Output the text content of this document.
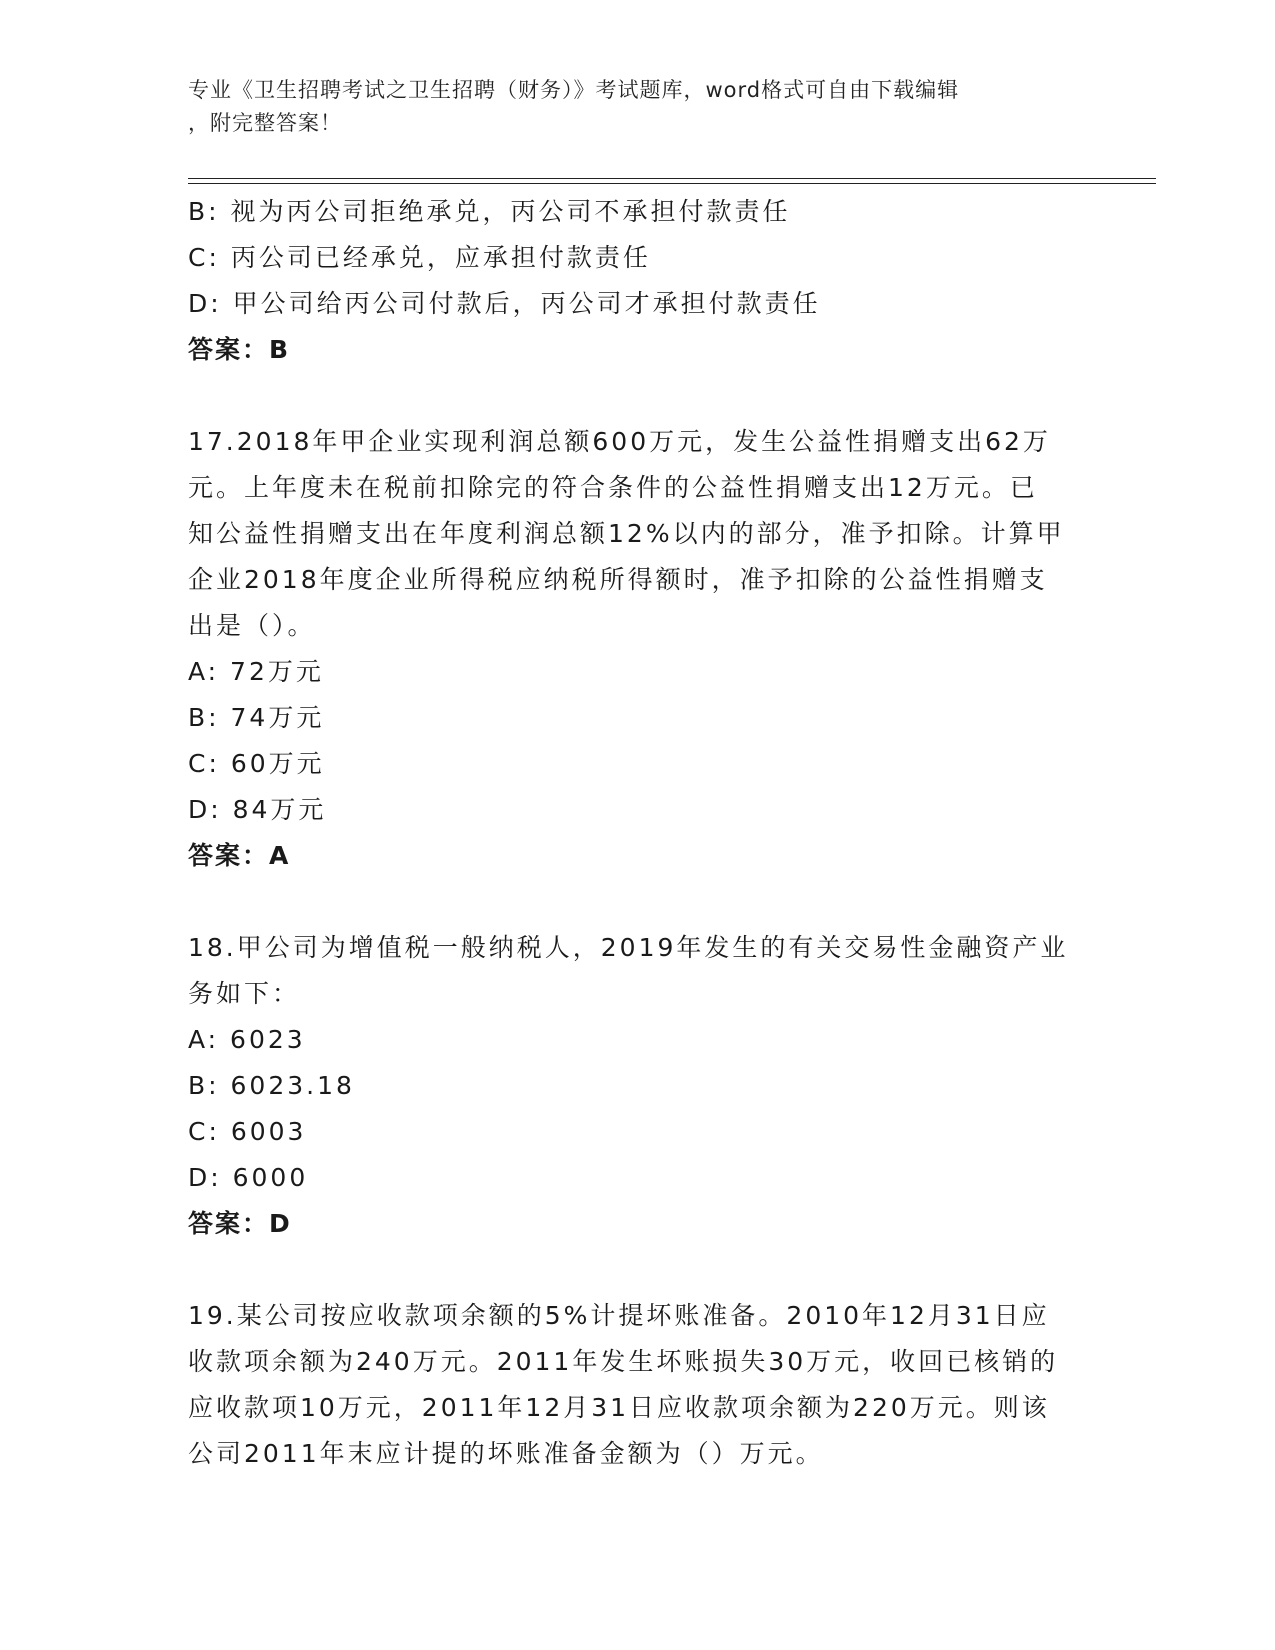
专业《卫生招聘考试之卫生招聘（财务）》考试题库，word格式可自由下载编辑
，附完整答案！
B: 视为丙公司拒绝承兑，丙公司不承担付款责任
C: 丙公司已经承兑，应承担付款责任
D: 甲公司给丙公司付款后，丙公司才承担付款责任
答案：B
17.2018年甲企业实现利润总额600万元，发生公益性捐赠支出62万
元。上年度未在税前扣除完的符合条件的公益性捐赠支出12万元。已
知公益性捐赠支出在年度利润总额12%以内的部分，准予扣除。计算甲
企业2018年度企业所得税应纳税所得额时，准予扣除的公益性捐赠支
出是（）。
A: 72万元
B: 74万元
C: 60万元
D: 84万元
答案：A
18.甲公司为增值税一般纳税人，2019年发生的有关交易性金融资产业
务如下：
A: 6023
B: 6023.18
C: 6003
D: 6000
答案：D
19.某公司按应收款项余额的5%计提坏账准备。2010年12月31日应
收款项余额为240万元。2011年发生坏账损失30万元，收回已核销的
应收款项10万元，2011年12月31日应收款项余额为220万元。则该
公司2011年末应计提的坏账准备金额为（）万元。
